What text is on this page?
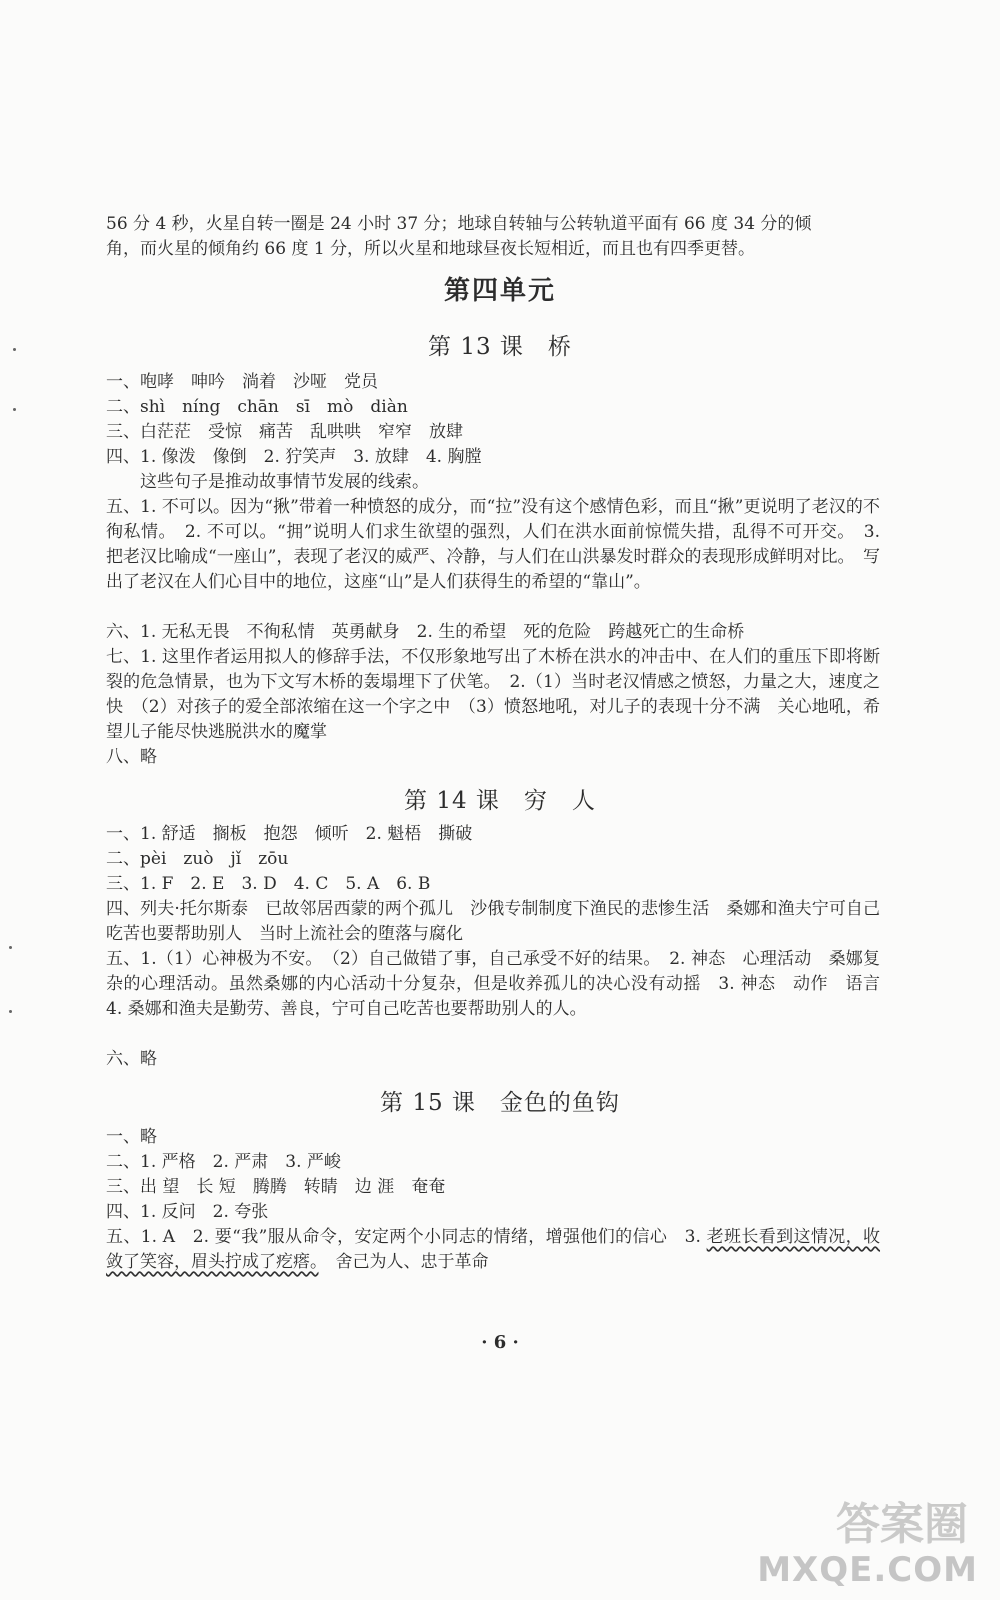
56 分 4 秒，火星自转一圈是 24 小时 37 分；地球自转轴与公转轨道平面有 66 度 34 分的倾
角，而火星的倾角约 66 度 1 分，所以火星和地球昼夜长短相近，而且也有四季更替。
第四单元
第 13 课　桥
一、咆哮　呻吟　淌着　沙哑　党员
二、shì　níng　chān　sī　mò　diàn
三、白茫茫　受惊　痛苦　乱哄哄　窄窄　放肆
四、1. 像泼　像倒　2. 狞笑声　3. 放肆　4. 胸膛
　　这些句子是推动故事情节发展的线索。
五、1. 不可以。因为“揪”带着一种愤怒的成分，而“拉”没有这个感情色彩，而且“揪”更说明了老汉的不徇私情。　2. 不可以。“拥”说明人们求生欲望的强烈，人们在洪水面前惊慌失措，乱得不可开交。　3. 把老汉比喻成“一座山”，表现了老汉的威严、冷静，与人们在山洪暴发时群众的表现形成鲜明对比。　写出了老汉在人们心目中的地位，这座“山”是人们获得生的希望的“靠山”。
六、1. 无私无畏　不徇私情　英勇献身　2. 生的希望　死的危险　跨越死亡的生命桥
七、1. 这里作者运用拟人的修辞手法，不仅形象地写出了木桥在洪水的冲击中、在人们的重压下即将断裂的危急情景，也为下文写木桥的轰塌埋下了伏笔。　2.（1）当时老汉情感之愤怒，力量之大，速度之快　（2）对孩子的爱全部浓缩在这一个字之中　（3）愤怒地吼，对儿子的表现十分不满　关心地吼，希望儿子能尽快逃脱洪水的魔掌
八、略
第 14 课　穷　人
一、1. 舒适　搁板　抱怨　倾听　2. 魁梧　撕破
二、pèi　zuò　jǐ　zōu
三、1. F　2. E　3. D　4. C　5. A　6. B
四、列夫·托尔斯泰　已故邻居西蒙的两个孤儿　沙俄专制制度下渔民的悲惨生活　桑娜和渔夫宁可自己吃苦也要帮助别人　当时上流社会的堕落与腐化
五、1.（1）心神极为不安。　（2）自己做错了事，自己承受不好的结果。　2. 神态　心理活动　桑娜复杂的心理活动。虽然桑娜的内心活动十分复杂，但是收养孤儿的决心没有动摇　3. 神态　动作　语言　4. 桑娜和渔夫是勤劳、善良，宁可自己吃苦也要帮助别人的人。
六、略
第 15 课　金色的鱼钩
一、略
二、1. 严格　2. 严肃　3. 严峻
三、出 望　长 短　腾腾　转睛　边 涯　奄奄
四、1. 反问　2. 夸张
五、1. A　2. 要“我”服从命令，安定两个小同志的情绪，增强他们的信心　3. 老班长看到这情况，收敛了笑容，眉头拧成了疙瘩。　舍己为人、忠于革命
· 6 ·
答案圈
MXQE.COM
